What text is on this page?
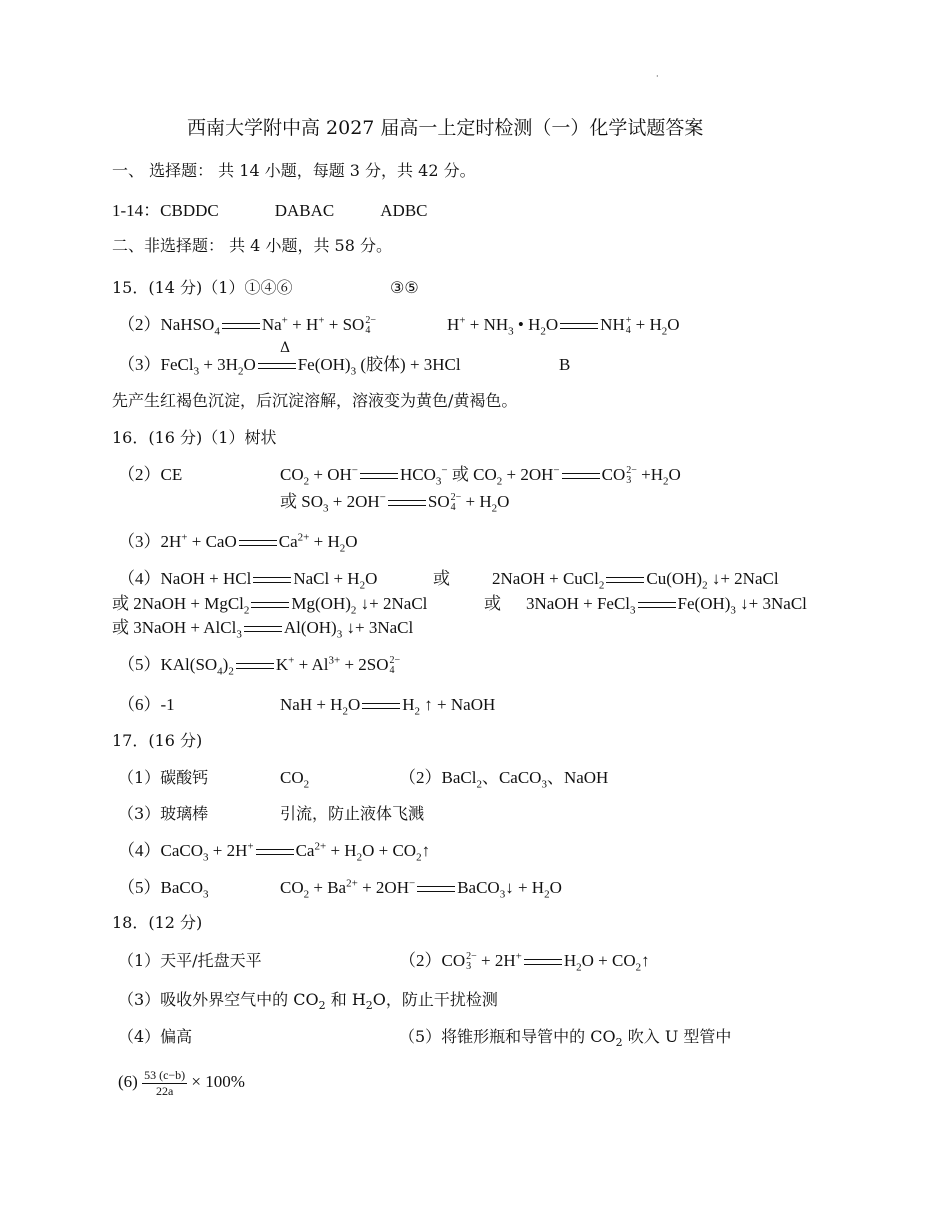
·
西南大学附中高 2027 届高一上定时检测（一）化学试题答案
一、 选择题： 共 14 小题，每题 3 分，共 42 分。
1-14：CBDDC	DABAC	ADBC
二、非选择题： 共 4 小题，共 58 分。
15．(14 分)（1）①④⑥	③⑤
（2）NaHSO$_4$ Na+ + H+ + SO 2−
4	$H^+ + NH_3$ • $H_2O$ NH +
$4 + H_2O$
Δ
（3）FeCl$_3$ + $3H_2O$ $Fe(OH)_3$ (胶体) + 3HCl	B
先产生红褐色沉淀，后沉淀溶解，溶液变为黄色/黄褐色。
16．(16 分)（1）树状
（2）CE	$CO_2 + OH^-$ $HCO_3^-$ 或 $CO_2 + 2OH^-$ CO 2−
$3 +H_2O$
或 $SO_3 + 2OH^-$ SO 2−
$4 + H_2O$
（3）2H+ + CaO $Ca^{2+} + H_2O$
（4）NaOH + HCl NaCl + $H_2O$	或 2NaOH + CuCl$_2$ $Cu(OH)_2$ ↓+ 2NaCl
或 2NaOH + MgCl$_2$ $Mg(OH)_2$ ↓+ 2NaCl	或 3NaOH + FeCl$_3$ $Fe(OH)_3$ ↓+ 3NaCl
或 3NaOH + AlCl$_3$ $Al(OH)_3$ ↓+ 3NaCl
$(5)KAl(SO_4)_2$ $K^+ + Al^{3+} + 2SO$ 2−
4
（6）-1	NaH + $H_2O$ $H_2$ ↑ + NaOH
17．(16 分)
（1）碳酸钙	$CO_2$	（2）BaCl$_2$、CaCO$_3$、NaOH
（3）玻璃棒	引流，防止液体飞溅
（4）CaCO$_3$ + 2H+ $Ca^{2+} + H_2O$ + $CO_2↑$
（5）BaCO$_3$	$CO_2 + Ba^{2+} + 2OH^-$ BaCO$_3$↓ + $H_2O$
18．(12 分)
（1）天平/托盘天平	（2）CO 2−
3 + 2H+ $H_2O$ + $CO_2↑$
（3）吸收外界空气中的 $CO_2$ 和 $H_2O$，防止干扰检测
（4）偏高	（5）将锥形瓶和导管中的 $CO_2$ 吹入 U 型管中
$(6) \frac{53 (c-b)}{22a} \times 100\%$
